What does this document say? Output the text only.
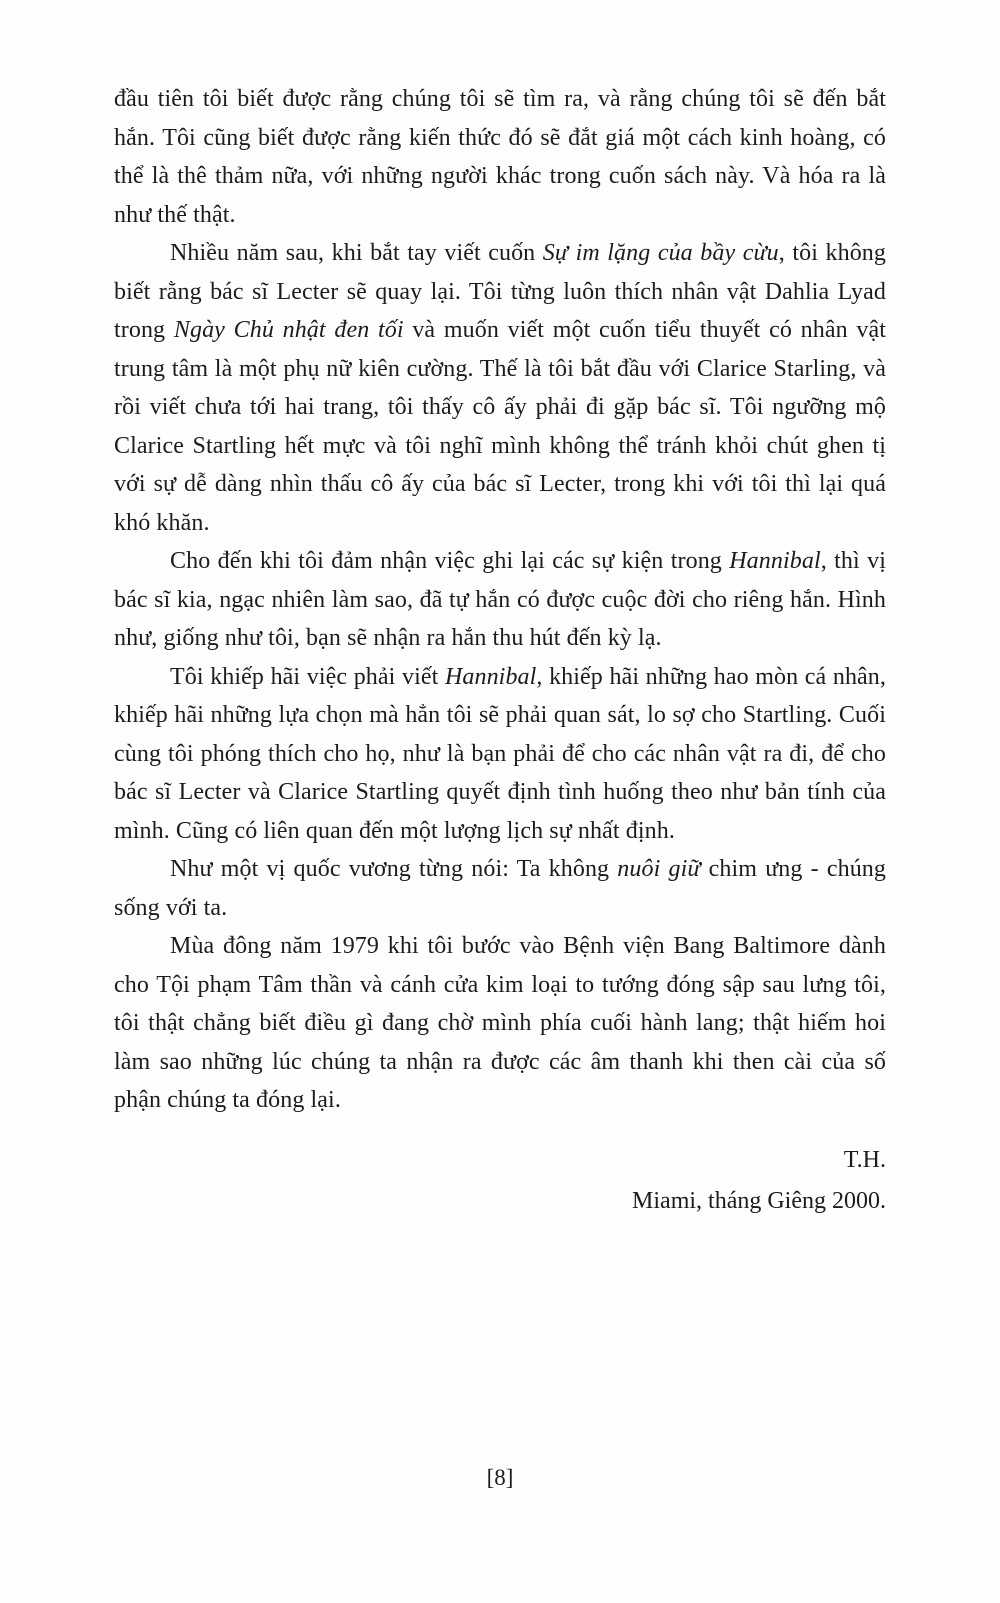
đầu tiên tôi biết được rằng chúng tôi sẽ tìm ra, và rằng chúng tôi sẽ đến bắt hắn. Tôi cũng biết được rằng kiến thức đó sẽ đắt giá một cách kinh hoàng, có thể là thê thảm nữa, với những người khác trong cuốn sách này. Và hóa ra là như thế thật.

Nhiều năm sau, khi bắt tay viết cuốn Sự im lặng của bầy cừu, tôi không biết rằng bác sĩ Lecter sẽ quay lại. Tôi từng luôn thích nhân vật Dahlia Lyad trong Ngày Chủ nhật đen tối và muốn viết một cuốn tiểu thuyết có nhân vật trung tâm là một phụ nữ kiên cường. Thế là tôi bắt đầu với Clarice Starling, và rồi viết chưa tới hai trang, tôi thấy cô ấy phải đi gặp bác sĩ. Tôi ngưỡng mộ Clarice Startling hết mực và tôi nghĩ mình không thể tránh khỏi chút ghen tị với sự dễ dàng nhìn thấu cô ấy của bác sĩ Lecter, trong khi với tôi thì lại quá khó khăn.

Cho đến khi tôi đảm nhận việc ghi lại các sự kiện trong Hannibal, thì vị bác sĩ kia, ngạc nhiên làm sao, đã tự hắn có được cuộc đời cho riêng hắn. Hình như, giống như tôi, bạn sẽ nhận ra hắn thu hút đến kỳ lạ.

Tôi khiếp hãi việc phải viết Hannibal, khiếp hãi những hao mòn cá nhân, khiếp hãi những lựa chọn mà hẳn tôi sẽ phải quan sát, lo sợ cho Startling. Cuối cùng tôi phóng thích cho họ, như là bạn phải để cho các nhân vật ra đi, để cho bác sĩ Lecter và Clarice Startling quyết định tình huống theo như bản tính của mình. Cũng có liên quan đến một lượng lịch sự nhất định.

Như một vị quốc vương từng nói: Ta không nuôi giữ chim ưng - chúng sống với ta.

Mùa đông năm 1979 khi tôi bước vào Bệnh viện Bang Baltimore dành cho Tội phạm Tâm thần và cánh cửa kim loại to tướng đóng sập sau lưng tôi, tôi thật chẳng biết điều gì đang chờ mình phía cuối hành lang; thật hiếm hoi làm sao những lúc chúng ta nhận ra được các âm thanh khi then cài của số phận chúng ta đóng lại.

T.H.
Miami, tháng Giêng 2000.
[8]
